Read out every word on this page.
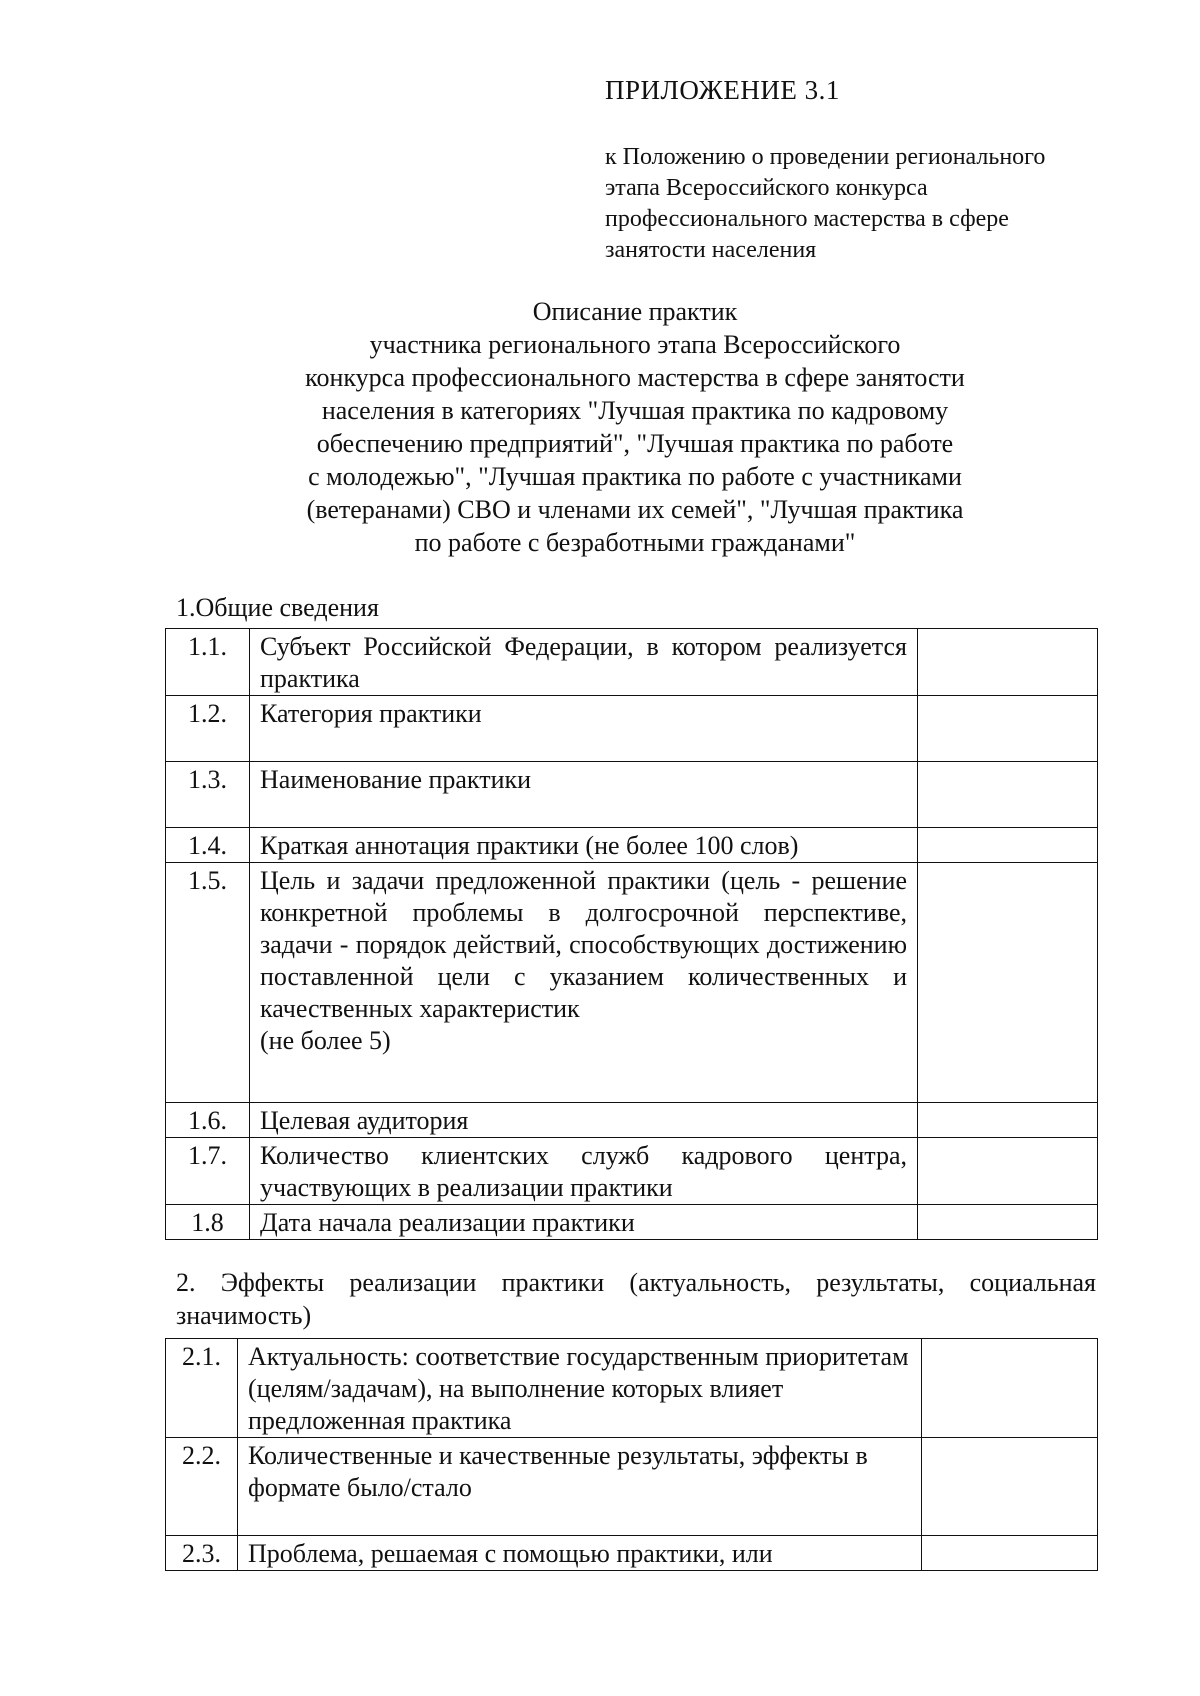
ПРИЛОЖЕНИЕ 3.1
к Положению о проведении регионального
этапа Всероссийского конкурса
профессионального мастерства в сфере
занятости населения
Описание практик
участника регионального этапа Всероссийского
конкурса профессионального мастерства в сфере занятости
населения в категориях "Лучшая практика по кадровому
обеспечению предприятий", "Лучшая практика по работе
с молодежью", "Лучшая практика по работе с участниками
(ветеранами) СВО и членами их семей", "Лучшая практика
по работе с безработными гражданами"
1.Общие сведения
1.1.	Субъект Российской Федерации, в котором реализуется практика	
1.2.	Категория практики	
1.3.	Наименование практики	
1.4.	Краткая аннотация практики (не более 100 слов)	
1.5.	Цель и задачи предложенной практики (цель - решение конкретной проблемы в долгосрочной перспективе, задачи - порядок действий, способствующих достижению поставленной цели с указанием количественных и качественных характеристик
(не более 5)	

1.6.	Целевая аудитория	
1.7.	Количество клиентских служб кадрового центра, участвующих в реализации практики	
1.8	Дата начала реализации практики	
2. Эффекты реализации практики (актуальность, результаты, социальная значимость)
2.1.	Актуальность: соответствие государственным приоритетам (целям/задачам), на выполнение которых влияет предложенная практика	
2.2.	Количественные и качественные результаты, эффекты в формате было/стало	
2.3.	Проблема, решаемая с помощью практики, или	
